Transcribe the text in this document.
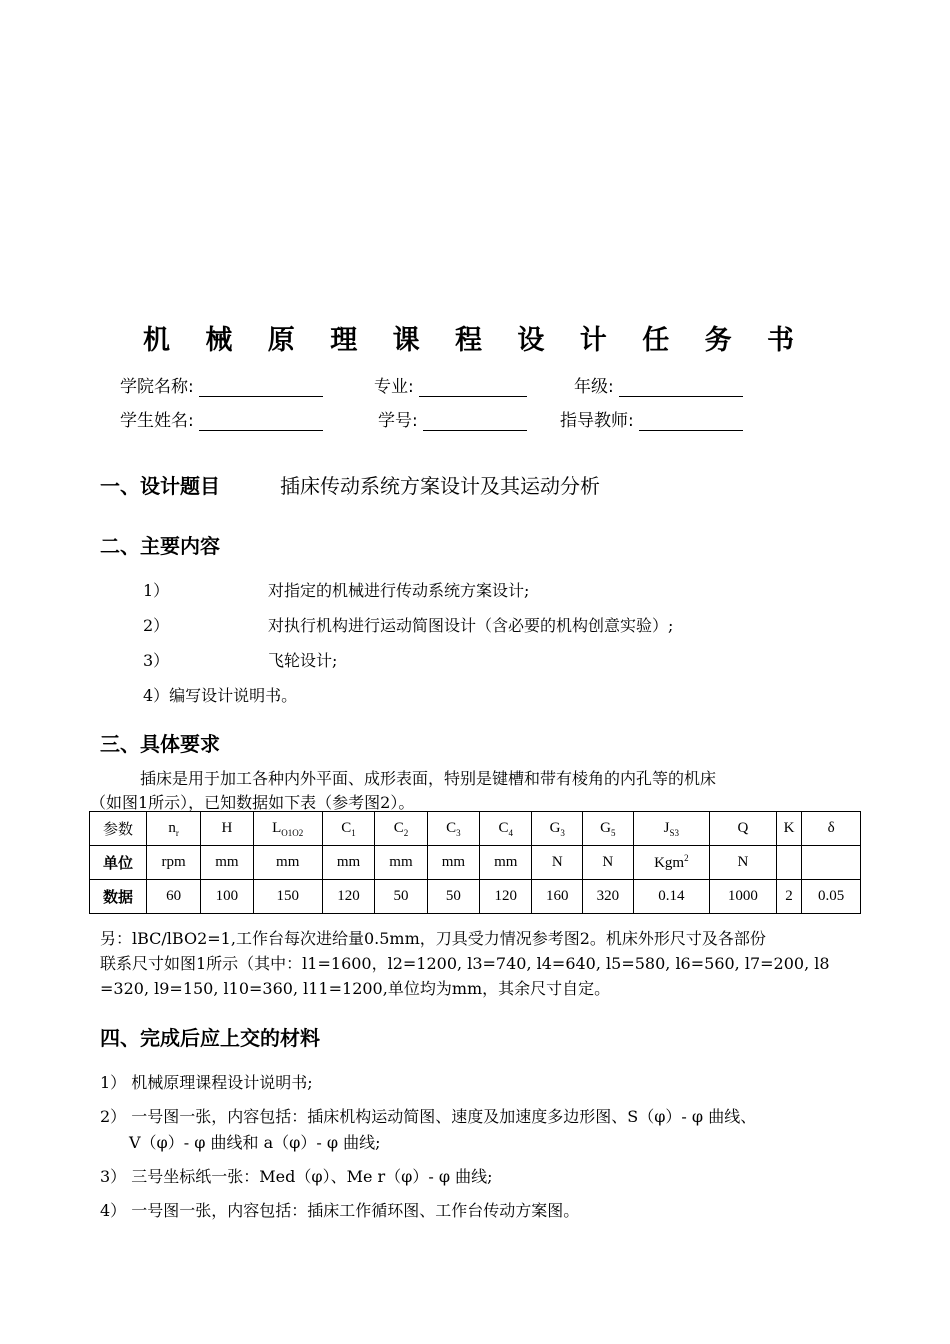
机 械 原 理 课 程 设 计 任 务 书
学院名称:	专业:	年级:
学生姓名:	学号:	指导教师:
一、设计题目	插床传动系统方案设计及其运动分析
二、主要内容
1）	对指定的机械进行传动系统方案设计;
2）	对执行机构进行运动简图设计（含必要的机构创意实验）;
3）	飞轮设计;
4）编写设计说明书。
三、具体要求
插床是用于加工各种内外平面、成形表面，特别是键槽和带有棱角的内孔等的机床
（如图1所示），已知数据如下表（参考图2）。
参数	$n_r$	H	$L_{O1O2}$	$C_1$	$C_2$	$C_3$	$C_4$	$G_3$	$G_5$	$J_{S3}$	Q	K	δ
单位	rpm	mm	mm	mm	mm	mm	mm	N	N	Kgm$^2$	N		
数据	60	100	150	120	50	50	120	160	320	0.14	1000	2	0.05
另：lBC/lBO2=1,工作台每次进给量0.5mm，刀具受力情况参考图2。机床外形尺寸及各部份
联系尺寸如图1所示（其中：l1=1600，l2=1200, l3=740, l4=640, l5=580, l6=560, l7=200, l8
=320, l9=150, l10=360, l11=1200,单位均为mm，其余尺寸自定。
四、完成后应上交的材料
1） 机械原理课程设计说明书;
2） 一号图一张，内容包括：插床机构运动简图、速度及加速度多边形图、S（φ）- φ 曲线、
V（φ）- φ 曲线和 a（φ）- φ 曲线;
3） 三号坐标纸一张：Med（φ）、Me r（φ）- φ 曲线;
4） 一号图一张，内容包括：插床工作循环图、工作台传动方案图。
